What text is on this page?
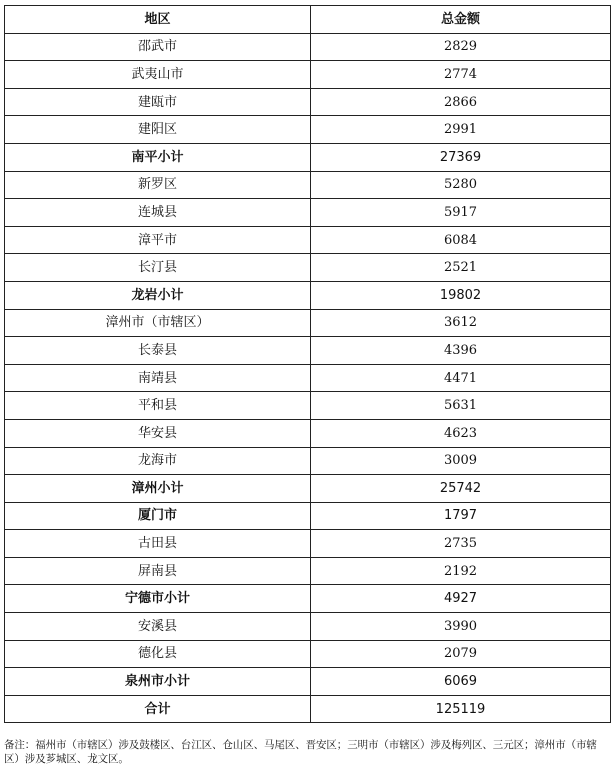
地区	总金额
邵武市	2829
武夷山市	2774
建瓯市	2866
建阳区	2991
南平小计	27369
新罗区	5280
连城县	5917
漳平市	6084
长汀县	2521
龙岩小计	19802
漳州市（市辖区）	3612
长泰县	4396
南靖县	4471
平和县	5631
华安县	4623
龙海市	3009
漳州小计	25742
厦门市	1797
古田县	2735
屏南县	2192
宁德市小计	4927
安溪县	3990
德化县	2079
泉州市小计	6069
合计	125119
备注：福州市（市辖区）涉及鼓楼区、台江区、仓山区、马尾区、晋安区；三明市（市辖区）涉及梅列区、三元区；漳州市（市辖区）涉及芗城区、龙文区。
